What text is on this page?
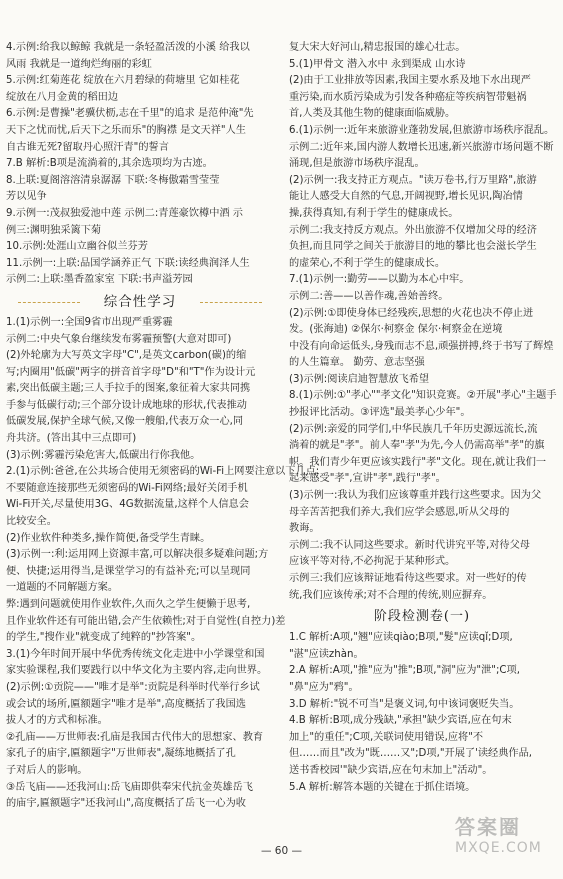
4.示例:给我以鲸鲸 我就是一条轻盈活泼的小溪 给我以
风雨 我就是一道绚烂绚丽的彩虹
5.示例:红菊莲花 绽放在六月碧绿的荷塘里 它如桂花
绽放在八月金黄的稻田边
6.示例:是曹操"老骥伏枥,志在千里"的追求 是范仲淹"先
天下之忧而忧,后天下之乐而乐"的胸襟 是文天祥"人生
自古谁无死?留取丹心照汗青"的誓言
7.B 解析:B项是流淌着的,其余选项均为古迹。
8.上联:夏阁溶溶清泉潺潺 下联:冬梅傲霜雪莹莹
芳以见争
9.示例一:茂叔独爱池中莲 示例二:青莲豪饮樽中酒 示
例三:渊明独采篱下菊
10.示例:处涯山立幽谷似兰芬芳
11.示例一:上联:品国学涵养正气 下联:读经典润泽人生
示例二:上联:墨香盈家室 下联:书声溢芳园
综合性学习
1.(1)示例一:全国9省市出现严重雾霾
示例二:中央气象台继续发布雾霾预警(大意对即可)
(2)外轮廓为大写英文字母"C",是英文carbon(碳)的缩
写;内圈用"低碳"两字的拼音首字母"D"和"T"作为设计元
素,突出低碳主题;三人手拉手的图案,象征着大家共同携
手参与低碳行动;三个部分设计成地球的形状,代表推动
低碳发展,保护全球气候,又像一艘船,代表万众一心,同
舟共济。(答出其中三点即可)
(3)示例:雾霾污染危害大,低碳出行你我他。
2.(1)示例:爸爸,在公共场合使用无须密码的Wi-Fi上网要注意以下几点:
不要随意连接那些无须密码的Wi-Fi网络;最好关闭手机
Wi-Fi开关,尽量使用3G、4G数据流量,这样个人信息会
比较安全。
(2)作业软件种类多,操作简便,备受学生青睐。
(3)示例一:利:运用网上资源丰富,可以解决很多疑难问题;方
便、快捷;运用得当,是课堂学习的有益补充;可以呈现同
一道题的不同解题方案。
弊:遇到问题就使用作业软件,久而久之学生便懒于思考,
且作业软件还有可能出错,会产生依赖性;对于自觉性(自控力)差
的学生,"搜作业"就变成了纯粹的"抄答案"。
3.(1)今年时间开展中华优秀传统文化走进中小学课堂和国
家实验课程,我们要践行以中华文化为主要内容,走向世界。
(2)示例:①贡院——"唯才是举":贡院是科举时代举行乡试
或会试的场所,匾额题字"唯才是举",高度概括了我国选
拔人才的方式和标准。
②孔庙——万世师表:孔庙是我国古代伟大的思想家、教育
家孔子的庙宇,匾额题字"万世师表",凝练地概括了孔
子对后人的影响。
③岳飞庙——还我河山:岳飞庙即供奉宋代抗金英雄岳飞
的庙宇,匾额题字"还我河山",高度概括了岳飞一心为收
复大宋大好河山,精忠报国的雄心壮志。
5.(1)甲骨文 潜入水中 永到渠成 山水诗
(2)由于工业排放等因素,我国主要水系及地下水出现严
重污染,而水质污染成为引发各种癌症等疾病智带魁祸
首,人类及其他生物的健康面临威胁。
6.(1)示例一:近年来旅游业蓬勃发展,但旅游市场秩序混乱。
示例二:近年来,国内游人数增长迅速,新兴旅游市场问题不断
涌现,但是旅游市场秩序混乱。
(2)示例一:我支持正方观点。"读万卷书,行万里路",旅游
能让人感受大自然的气息,开阔视野,增长见识,陶冶情
操,获得真知,有利于学生的健康成长。
示例二:我支持反方观点。外出旅游不仅增加父母的经济
负担,而且同学之间关于旅游目的地的攀比也会滋长学生
的虚荣心,不利于学生的健康成长。
7.(1)示例一:勤劳——以勤为本心中牢。
示例二:善——以善作魂,善始善终。
(2)示例:①即使身体已经残疾,思想的火花也决不停止迸
发。(张海迪) ②保尔·柯察金 保尔·柯察金在逆境
中没有向命运低头,身残而志不息,顽强拼搏,终于书写了辉煌
的人生篇章。 勤劳、意志坚强
(3)示例:阅读启迪智慧放飞希望
8.(1)示例:①"孝心""孝文化"知识竞赛。②开展"孝心"主题手
抄报评比活动。③评选"最美孝心少年"。
(2)示例:亲爱的同学们,中华民族几千年历史源远流长,流
淌着的就是"孝"。前人奉"孝"为先,今人仍需高举"孝"的旗
帜。我们青少年更应该实践行"孝"文化。现在,就让我们一
起来感受"孝",宣讲"孝",践行"孝"。
(3)示例一:我认为我们应该尊重并践行这些要求。因为父
母辛苦苦把我们养大,我们应学会感恩,听从父母的
教诲。
示例二:我不认同这些要求。新时代讲究平等,对待父母
应该平等对待,不必拘泥于某种形式。
示例三:我们应该辩证地看待这些要求。对一些好的传
统,我们应该传承;对不合理的传统,则应摒弃。
阶段检测卷(一)
1.C 解析:A项,"翘"应读qiào;B项,"髮"应读qǐ;D项,
"湛"应读zhàn。
2.A 解析:A项,"推"应为"推";B项,"洞"应为"泄";C项,
"鼻"应为"鸦"。
3.D 解析:"锐不可当"是褒义词,句中该词褒贬失当。
4.B 解析:B项,成分残缺,"承担"缺少宾语,应在句末
加上"的重任";C项,关联词使用错误,应将"不
但……而且"改为"既……又";D项,"开展了'读经典作品,
送书香校园'"缺少宾语,应在句末加上"活动"。
5.A 解析:解答本题的关键在于抓住语境。
— 60 —
答案圈
MXQE.COM
